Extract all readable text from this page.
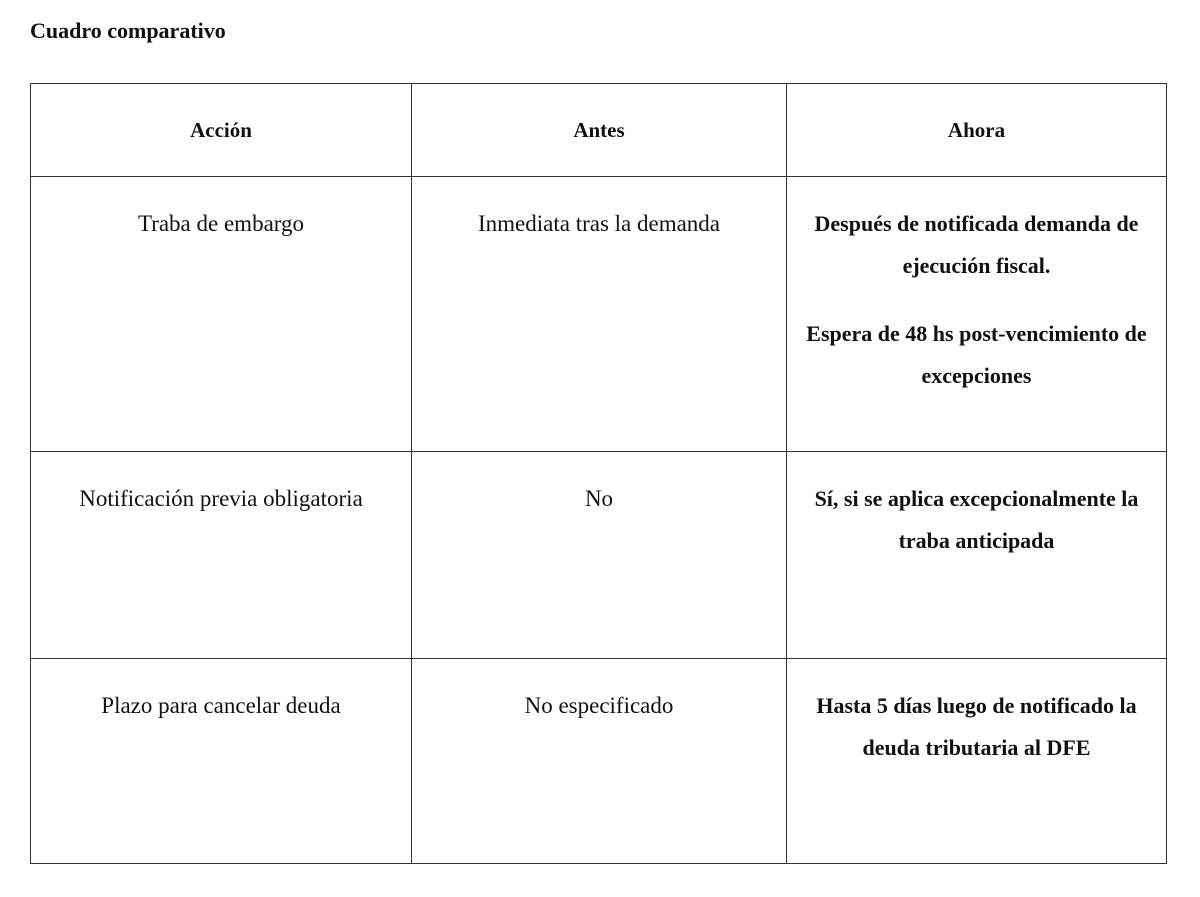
Cuadro comparativo
Acción	Antes	Ahora
Traba de embargo	Inmediata tras la demanda	Después de notificada demanda de ejecución fiscal.
Espera de 48 hs post-vencimiento de excepciones

Notificación previa obligatoria	No	Sí, si se aplica excepcionalmente la traba anticipada

Plazo para cancelar deuda	No especificado	Hasta 5 días luego de notificado la deuda tributaria al DFE
